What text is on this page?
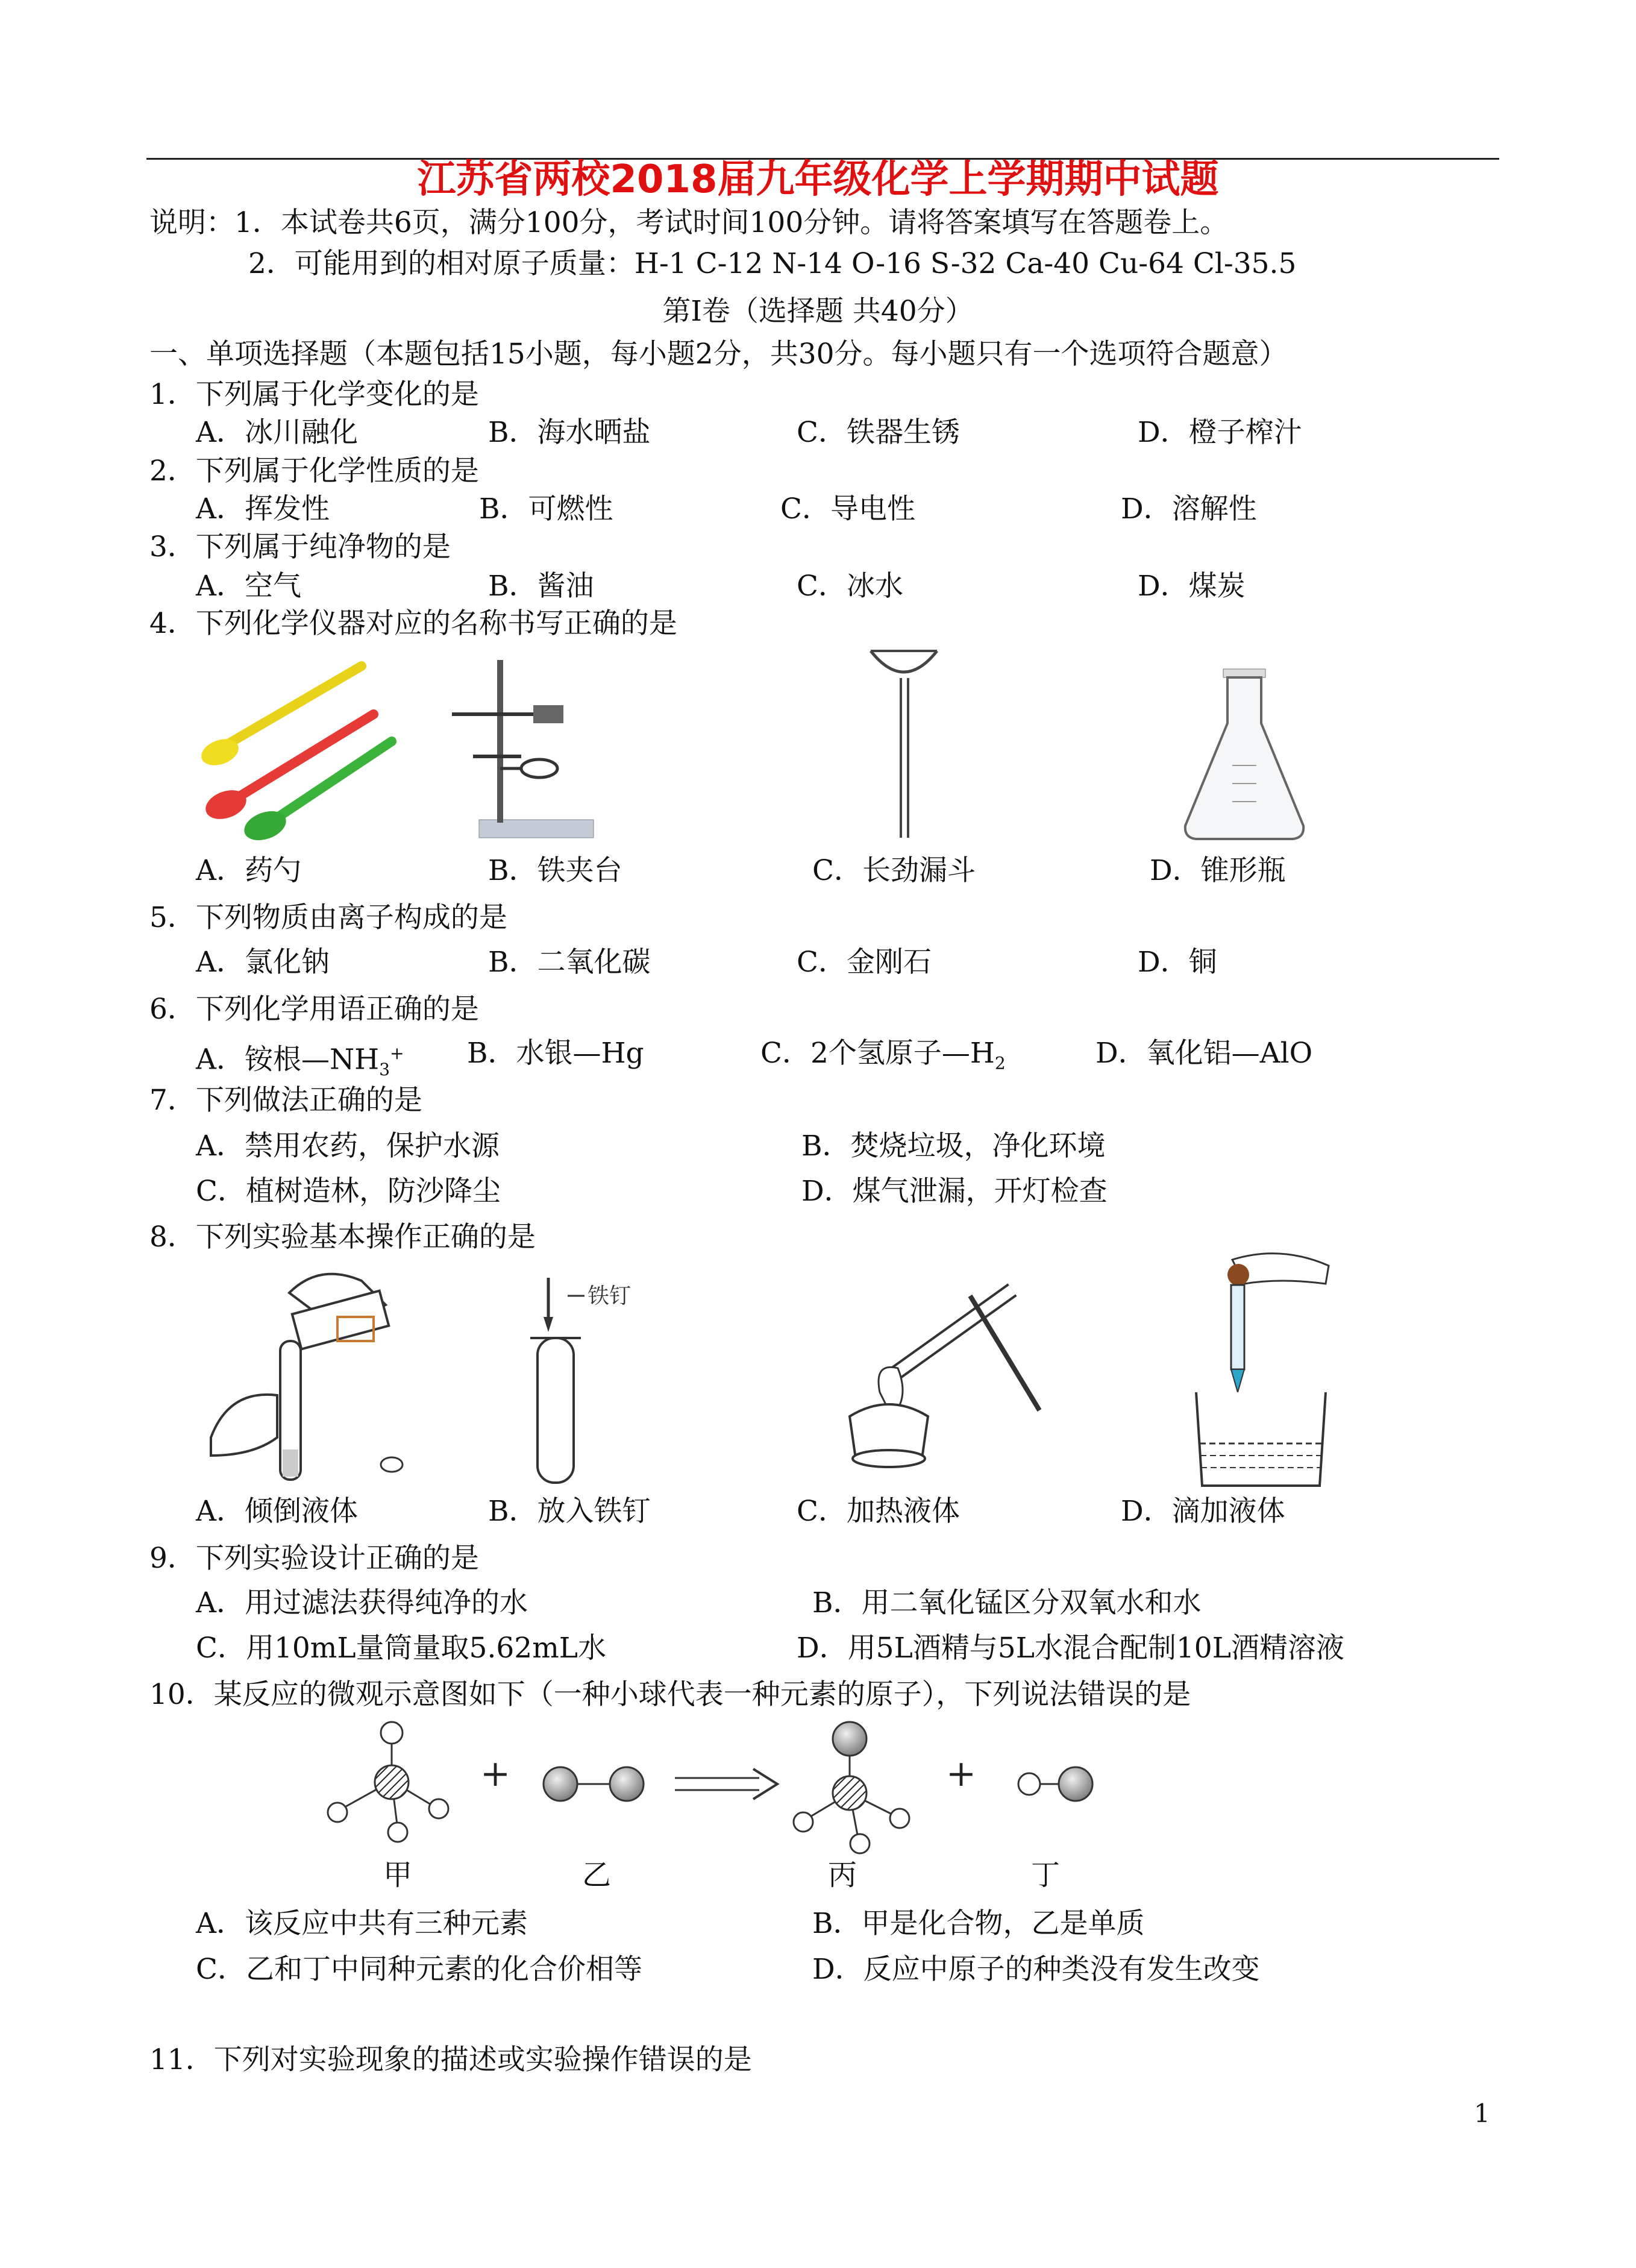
江苏省两校2018届九年级化学上学期期中试题
说明：1．本试卷共6页，满分100分，考试时间100分钟。请将答案填写在答题卷上。
2．可能用到的相对原子质量：H-1 C-12 N-14 O-16 S-32 Ca-40 Cu-64 Cl-35.5
第Ⅰ卷（选择题 共40分）
一、单项选择题（本题包括15小题，每小题2分，共30分。每小题只有一个选项符合题意）
1．下列属于化学变化的是
A．冰川融化	B．海水晒盐	C．铁器生锈	D．橙子榨汁
2．下列属于化学性质的是
A．挥发性	B．可燃性	C．导电性	D．溶解性
3．下列属于纯净物的是
A．空气	B．酱油	C．冰水	D．煤炭
4．下列化学仪器对应的名称书写正确的是
A．药勺	B．铁夹台	C．长劲漏斗	D．锥形瓶
5．下列物质由离子构成的是
A．氯化钠	B．二氧化碳	C．金刚石	D．铜
6．下列化学用语正确的是
A．铵根$—NH_3^+$ B．水银—Hg	C．2个氢原子$—H_2$	D．氧化铝—AlO
7．下列做法正确的是
A．禁用农药，保护水源	B．焚烧垃圾，净化环境
C．植树造林，防沙降尘	D．煤气泄漏，开灯检查
8．下列实验基本操作正确的是
铁钉
A．倾倒液体	B．放入铁钉	C．加热液体	D．滴加液体
9．下列实验设计正确的是
A．用过滤法获得纯净的水	B．用二氧化锰区分双氧水和水
C．用10mL量筒量取5.62mL水	D．用5L酒精与5L水混合配制10L酒精溶液
10．某反应的微观示意图如下（一种小球代表一种元素的原子），下列说法错误的是
+	+
甲	乙	丙	丁
A．该反应中共有三种元素	B．甲是化合物，乙是单质
C．乙和丁中同种元素的化合价相等	D．反应中原子的种类没有发生改变
11．下列对实验现象的描述或实验操作错误的是
1
